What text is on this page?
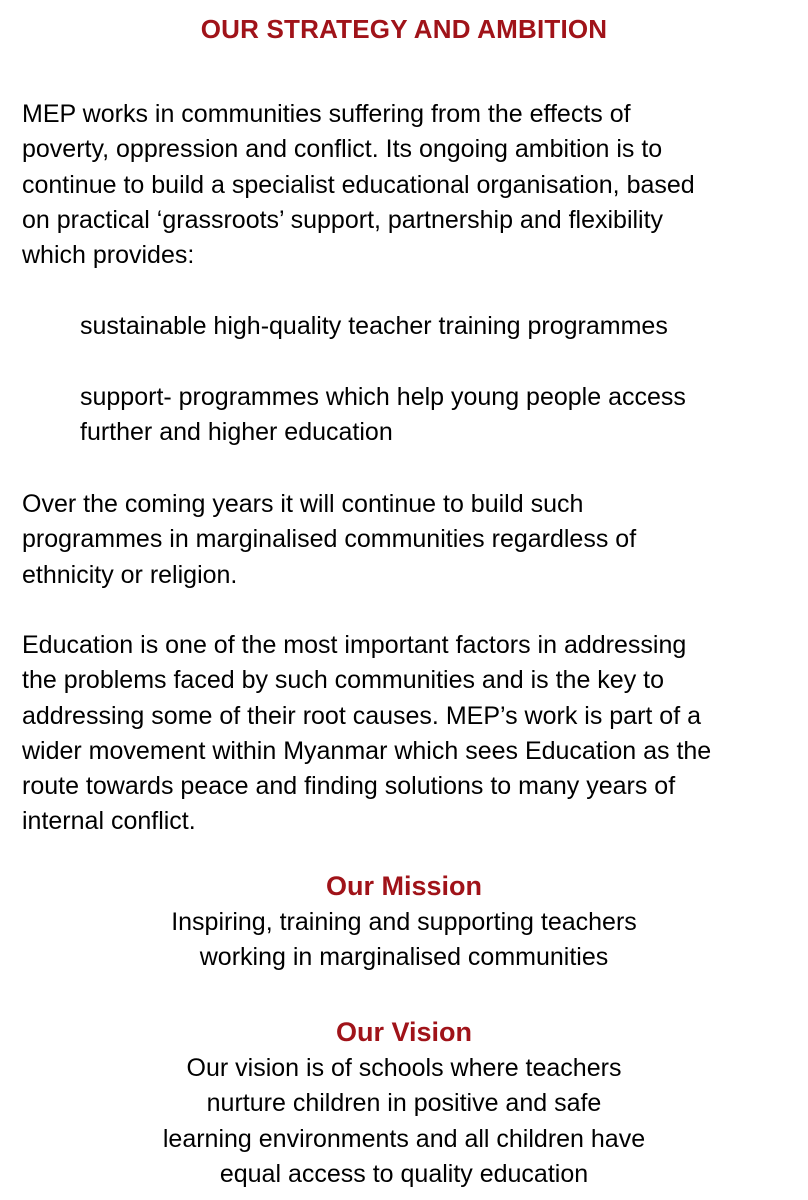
OUR STRATEGY AND AMBITION

MEP works in communities suffering from the effects of
poverty, oppression and conflict. Its ongoing ambition is to
continue to build a specialist educational organisation, based
on practical ‘grassroots’ support, partnership and flexibility
which provides:

sustainable high-quality teacher training programmes

support- programmes which help young people access
further and higher education

Over the coming years it will continue to build such
programmes in marginalised communities regardless of
ethnicity or religion.

Education is one of the most important factors in addressing
the problems faced by such communities and is the key to
addressing some of their root causes. MEP’s work is part of a
wider movement within Myanmar which sees Education as the
route towards peace and finding solutions to many years of
internal conflict.

Our Mission
Inspiring, training and supporting teachers
working in marginalised communities
Our Vision
Our vision is of schools where teachers
nurture children in positive and safe
learning environments and all children have
equal access to quality education
